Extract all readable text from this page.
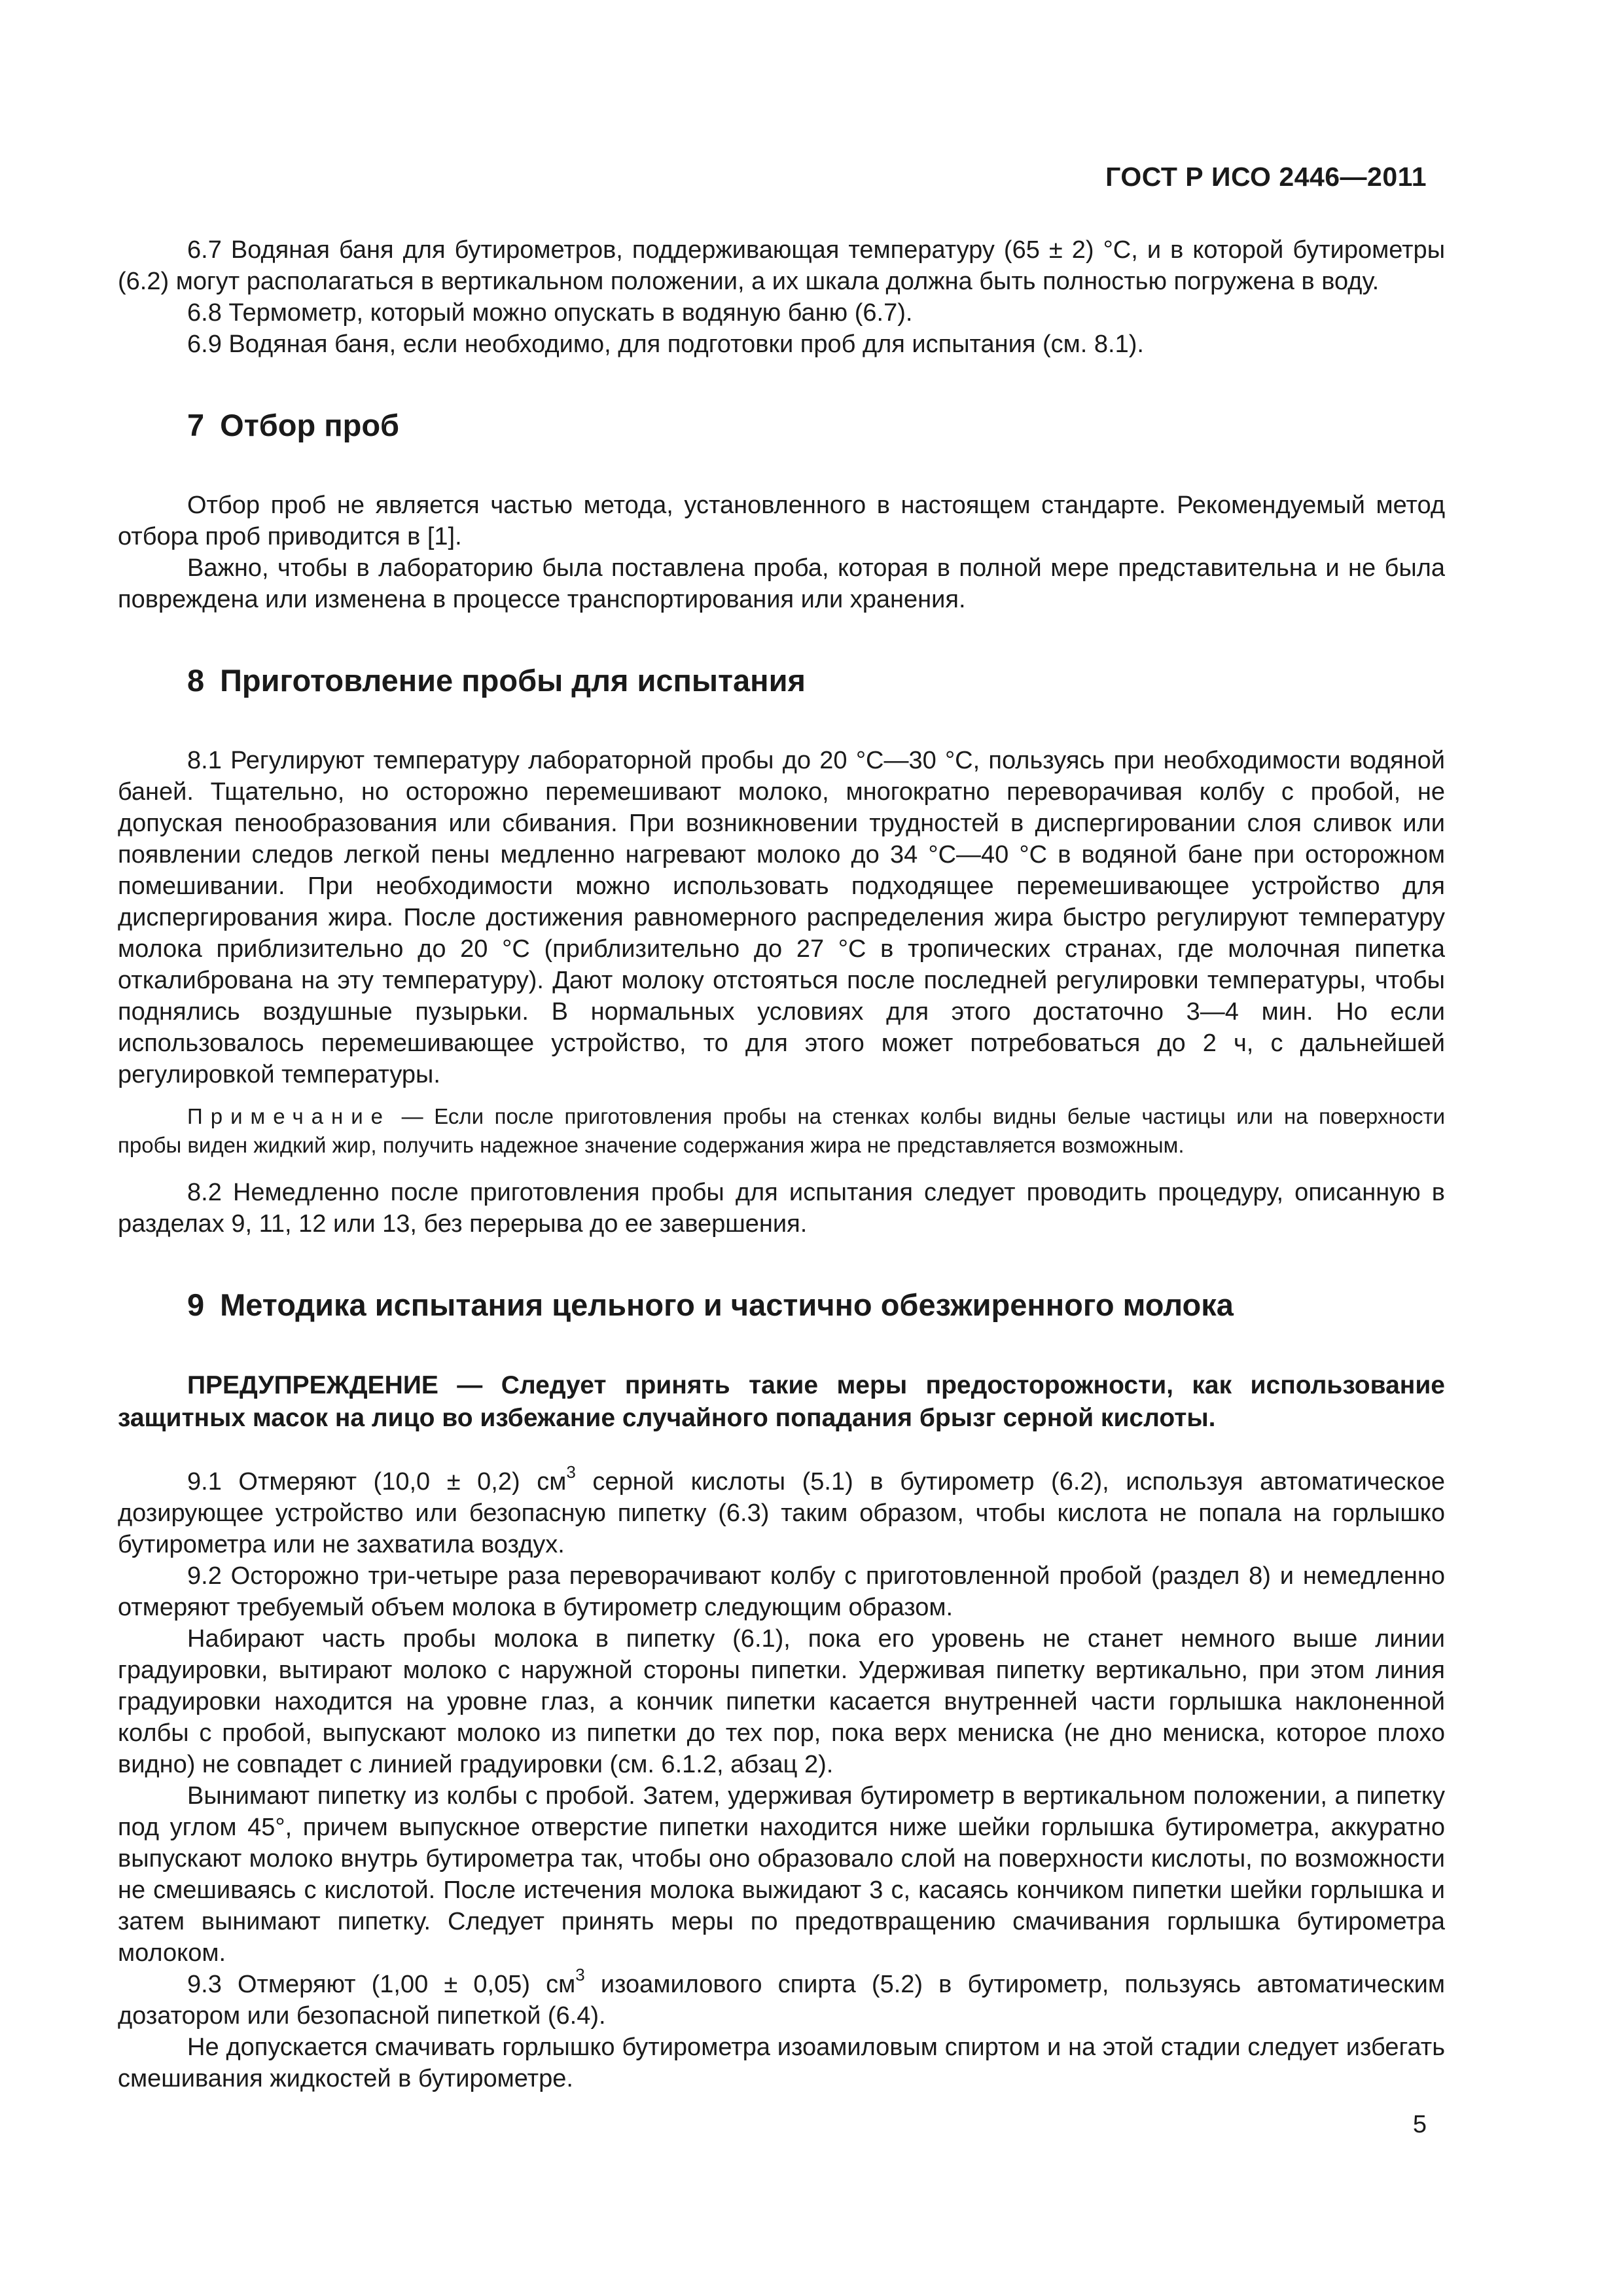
ГОСТ Р ИСО 2446—2011

6.7 Водяная баня для бутирометров, поддерживающая температуру (65 ± 2) °С, и в которой бутирометры (6.2) могут располагаться в вертикальном положении, а их шкала должна быть полностью погружена в воду.

6.8 Термометр, который можно опускать в водяную баню (6.7).

6.9 Водяная баня, если необходимо, для подготовки проб для испытания (см. 8.1).

7 Отбор проб

Отбор проб не является частью метода, установленного в настоящем стандарте. Рекомендуемый метод отбора проб приводится в [1].

Важно, чтобы в лабораторию была поставлена проба, которая в полной мере представительна и не была повреждена или изменена в процессе транспортирования или хранения.

8 Приготовление пробы для испытания

8.1 Регулируют температуру лабораторной пробы до 20 °С—30 °С, пользуясь при необходимости водяной баней. Тщательно, но осторожно перемешивают молоко, многократно переворачивая колбу с пробой, не допуская пенообразования или сбивания. При возникновении трудностей в диспергировании слоя сливок или появлении следов легкой пены медленно нагревают молоко до 34 °С—40 °С в водяной бане при осторожном помешивании. При необходимости можно использовать подходящее перемешивающее устройство для диспергирования жира. После достижения равномерного распределения жира быстро регулируют температуру молока приблизительно до 20 °С (приблизительно до 27 °С в тропических странах, где молочная пипетка откалибрована на эту температуру). Дают молоку отстояться после последней регулировки температуры, чтобы поднялись воздушные пузырьки. В нормальных условиях для этого достаточно 3—4 мин. Но если использовалось перемешивающее устройство, то для этого может потребоваться до 2 ч, с дальнейшей регулировкой температуры.

Примечание — Если после приготовления пробы на стенках колбы видны белые частицы или на поверхности пробы виден жидкий жир, получить надежное значение содержания жира не представляется возможным.

8.2 Немедленно после приготовления пробы для испытания следует проводить процедуру, описанную в разделах 9, 11, 12 или 13, без перерыва до ее завершения.

9 Методика испытания цельного и частично обезжиренного молока
ПРЕДУПРЕЖДЕНИЕ — Следует принять такие меры предосторожности, как использование защитных масок на лицо во избежание случайного попадания брызг серной кислоты.

9.1 Отмеряют (10,0 ± 0,2) $см^3$ серной кислоты (5.1) в бутирометр (6.2), используя автоматическое дозирующее устройство или безопасную пипетку (6.3) таким образом, чтобы кислота не попала на горлышко бутирометра или не захватила воздух.

9.2 Осторожно три-четыре раза переворачивают колбу с приготовленной пробой (раздел 8) и немедленно отмеряют требуемый объем молока в бутирометр следующим образом.

Набирают часть пробы молока в пипетку (6.1), пока его уровень не станет немного выше линии градуировки, вытирают молоко с наружной стороны пипетки. Удерживая пипетку вертикально, при этом линия градуировки находится на уровне глаз, а кончик пипетки касается внутренней части горлышка наклоненной колбы с пробой, выпускают молоко из пипетки до тех пор, пока верх мениска (не дно мениска, которое плохо видно) не совпадет с линией градуировки (см. 6.1.2, абзац 2).

Вынимают пипетку из колбы с пробой. Затем, удерживая бутирометр в вертикальном положении, а пипетку под углом 45°, причем выпускное отверстие пипетки находится ниже шейки горлышка бутирометра, аккуратно выпускают молоко внутрь бутирометра так, чтобы оно образовало слой на поверхности кислоты, по возможности не смешиваясь с кислотой. После истечения молока выжидают 3 с, касаясь кончиком пипетки шейки горлышка и затем вынимают пипетку. Следует принять меры по предотвращению смачивания горлышка бутирометра молоком.

9.3 Отмеряют (1,00 ± 0,05) $см^3$ изоамилового спирта (5.2) в бутирометр, пользуясь автоматическим дозатором или безопасной пипеткой (6.4).

Не допускается смачивать горлышко бутирометра изоамиловым спиртом и на этой стадии следует избегать смешивания жидкостей в бутирометре.

5
